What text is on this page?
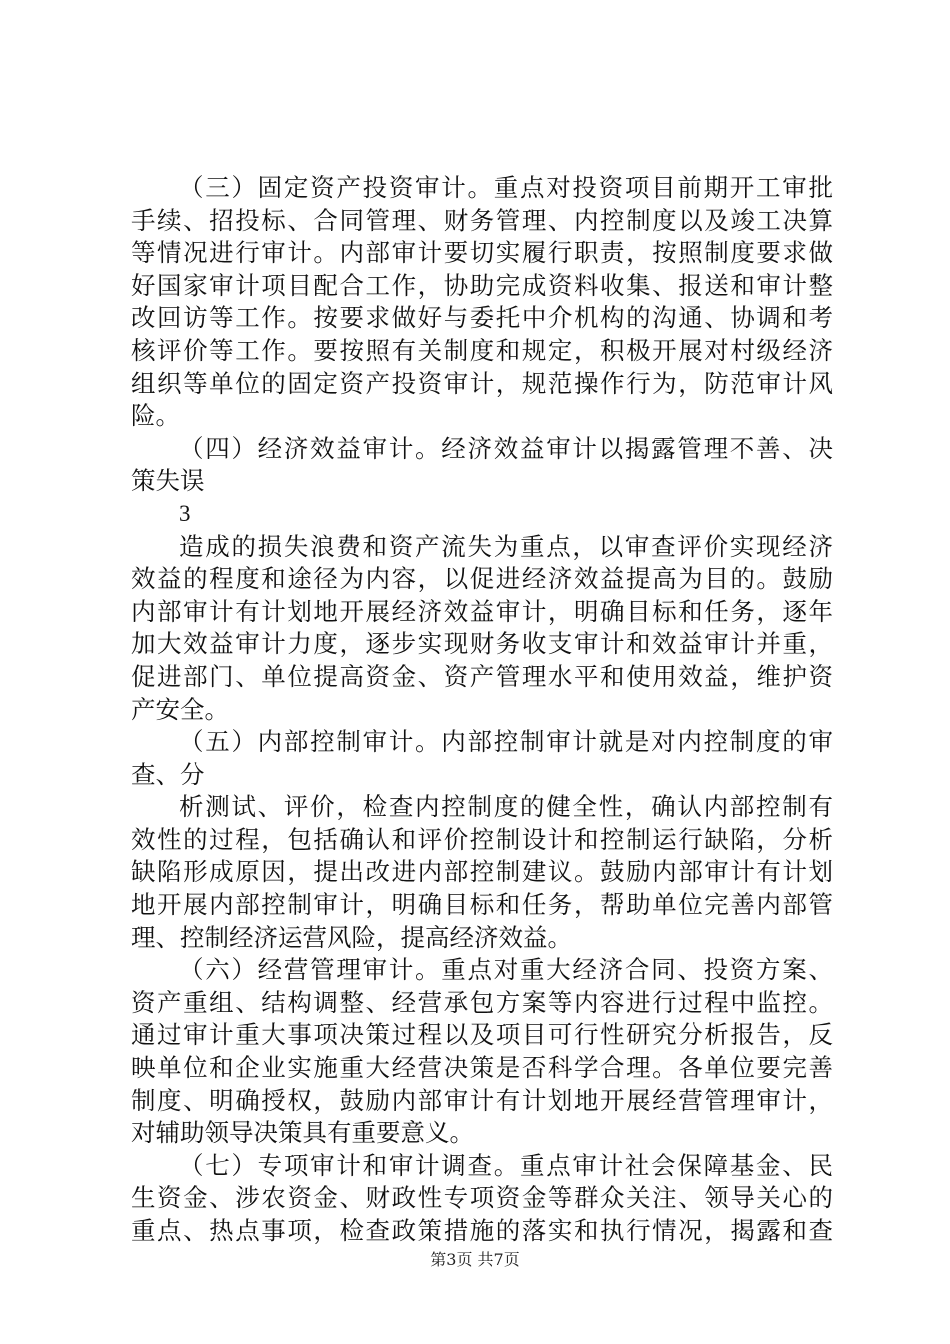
（三）固定资产投资审计。重点对投资项目前期开工审批
手续、招投标、合同管理、财务管理、内控制度以及竣工决算
等情况进行审计。内部审计要切实履行职责，按照制度要求做
好国家审计项目配合工作，协助完成资料收集、报送和审计整
改回访等工作。按要求做好与委托中介机构的沟通、协调和考
核评价等工作。要按照有关制度和规定，积极开展对村级经济
组织等单位的固定资产投资审计，规范操作行为，防范审计风
险。
（四）经济效益审计。经济效益审计以揭露管理不善、决
策失误
3
造成的损失浪费和资产流失为重点，以审查评价实现经济
效益的程度和途径为内容，以促进经济效益提高为目的。鼓励
内部审计有计划地开展经济效益审计，明确目标和任务，逐年
加大效益审计力度，逐步实现财务收支审计和效益审计并重，
促进部门、单位提高资金、资产管理水平和使用效益，维护资
产安全。
（五）内部控制审计。内部控制审计就是对内控制度的审
查、分
析测试、评价，检查内控制度的健全性，确认内部控制有
效性的过程，包括确认和评价控制设计和控制运行缺陷，分析
缺陷形成原因，提出改进内部控制建议。鼓励内部审计有计划
地开展内部控制审计，明确目标和任务，帮助单位完善内部管
理、控制经济运营风险，提高经济效益。
（六）经营管理审计。重点对重大经济合同、投资方案、
资产重组、结构调整、经营承包方案等内容进行过程中监控。
通过审计重大事项决策过程以及项目可行性研究分析报告，反
映单位和企业实施重大经营决策是否科学合理。各单位要完善
制度、明确授权，鼓励内部审计有计划地开展经营管理审计，
对辅助领导决策具有重要意义。
（七）专项审计和审计调查。重点审计社会保障基金、民
生资金、涉农资金、财政性专项资金等群众关注、领导关心的
重点、热点事项，检查政策措施的落实和执行情况，揭露和查
第3页 共7页
